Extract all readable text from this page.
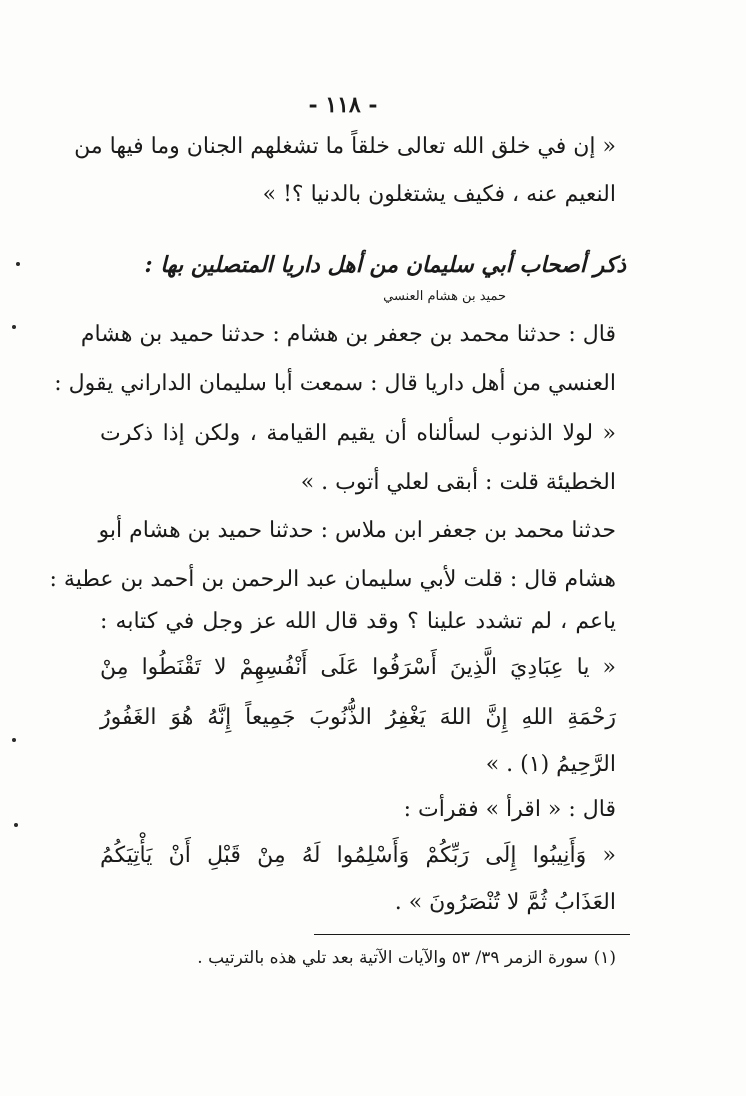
- ١١٨ -
« إن في خلق الله تعالى خلقاً ما تشغلهم الجنان وما فيها من
النعيم عنه ، فكيف يشتغلون بالدنيا ؟! »
ذكر أصحاب أبي سليمان من أهل داريا المتصلين بها :
حميد بن هشام العنسي
قال : حدثنا محمد بن جعفر بن هشام : حدثنا حميد بن هشام
العنسي من أهل داريا قال : سمعت أبا سليمان الداراني يقول :
« لولا الذنوب لسألناه أن يقيم القيامة ، ولكن إذا ذكرت
الخطيئة قلت : أبقى لعلي أتوب . »
حدثنا محمد بن جعفر ابن ملاس : حدثنا حميد بن هشام أبو
هشام قال : قلت لأبي سليمان عبد الرحمن بن أحمد بن عطية :
ياعم ، لم تشدد علينا ؟ وقد قال الله عز وجل في كتابه :
« يا عِبَادِيَ الَّذِينَ أَسْرَفُوا عَلَى أَنْفُسِهِمْ لا تَقْنَطُوا مِنْ
رَحْمَةِ اللهِ إِنَّ اللهَ يَغْفِرُ الذُّنُوبَ جَمِيعاً إِنَّهُ هُوَ الغَفُورُ
الرَّحِيمُ (١) . »
قال : « اقرأ » فقرأت :
« وَأَنِيبُوا إِلَى رَبِّكُمْ وَأَسْلِمُوا لَهُ مِنْ قَبْلِ أَنْ يَأْتِيَكُمُ
العَذَابُ ثُمَّ لا تُنْصَرُونَ » .
(١) سورة الزمر ٣٩/ ٥٣ والآيات الآتية بعد تلي هذه بالترتيب .
